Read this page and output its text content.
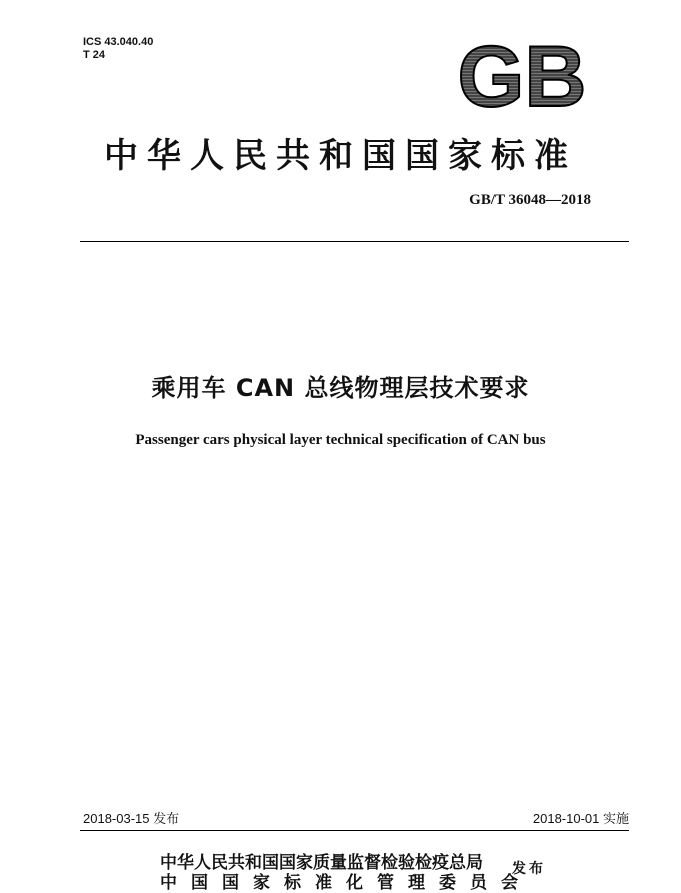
ICS 43.040.40
T 24	GB
中华人民共和国国家标准
GB/T 36048—2018
乘用车 CAN 总线物理层技术要求
Passenger cars physical layer technical specification of CAN bus
2018-03-15 发布	2018-10-01 实施
中华人民共和国国家质量监督检验检疫总局
中国国家标准化管理委员会
发布
